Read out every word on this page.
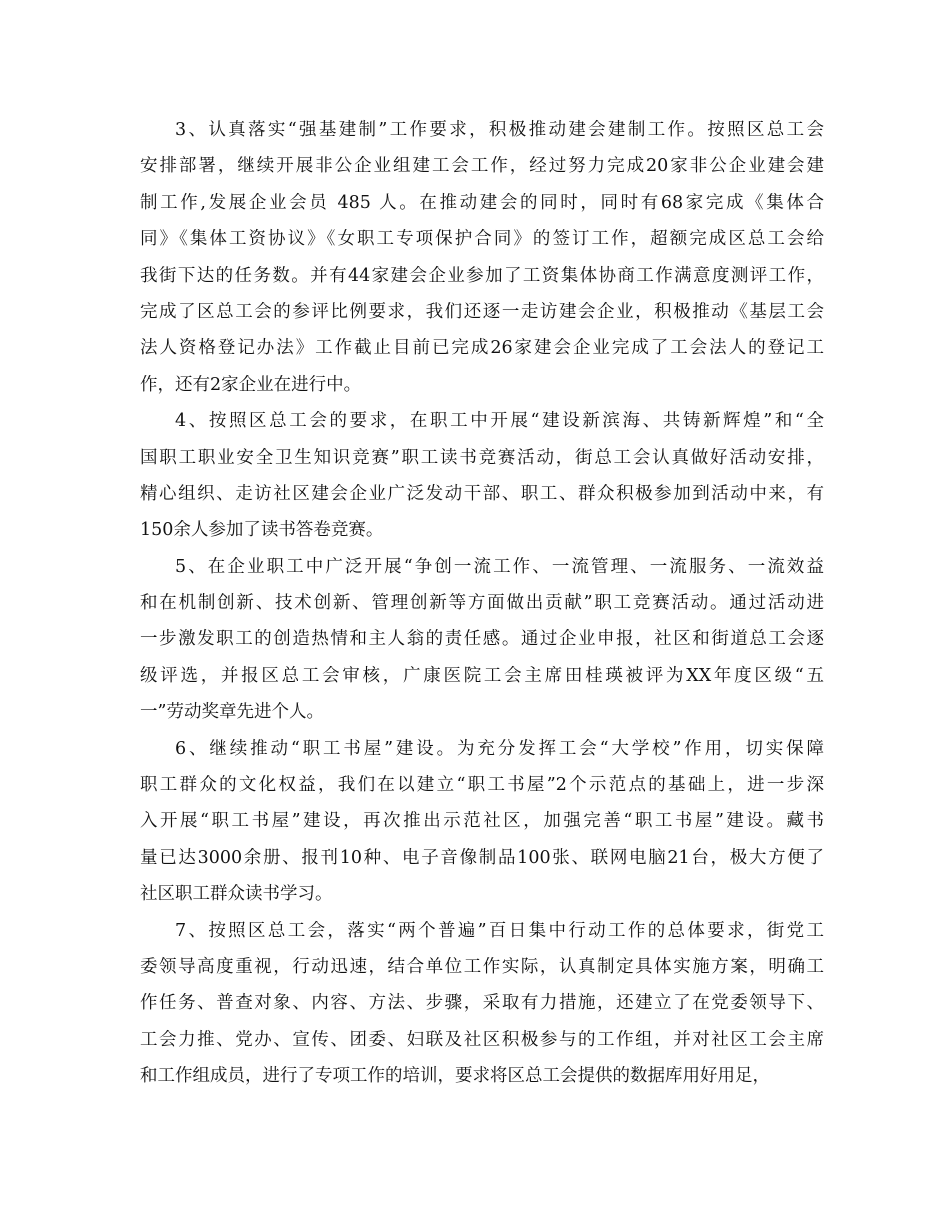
3、认真落实“强基建制”工作要求，积极推动建会建制工作。按照区总工会
安排部署，继续开展非公企业组建工会工作，经过努力完成20家非公企业建会建
制工作,发展企业会员 485 人。在推动建会的同时，同时有68家完成《集体合
同》《集体工资协议》《女职工专项保护合同》的签订工作，超额完成区总工会给
我街下达的任务数。并有44家建会企业参加了工资集体协商工作满意度测评工作，
完成了区总工会的参评比例要求，我们还逐一走访建会企业，积极推动《基层工会
法人资格登记办法》工作截止目前已完成26家建会企业完成了工会法人的登记工
作，还有2家企业在进行中。
4、按照区总工会的要求，在职工中开展“建设新滨海、共铸新辉煌”和“全
国职工职业安全卫生知识竞赛”职工读书竞赛活动，街总工会认真做好活动安排，
精心组织、走访社区建会企业广泛发动干部、职工、群众积极参加到活动中来，有
150余人参加了读书答卷竞赛。
5、在企业职工中广泛开展“争创一流工作、一流管理、一流服务、一流效益
和在机制创新、技术创新、管理创新等方面做出贡献”职工竞赛活动。通过活动进
一步激发职工的创造热情和主人翁的责任感。通过企业申报，社区和街道总工会逐
级评选，并报区总工会审核，广康医院工会主席田桂瑛被评为XX年度区级“五
一”劳动奖章先进个人。
6、继续推动“职工书屋”建设。为充分发挥工会“大学校”作用，切实保障
职工群众的文化权益，我们在以建立“职工书屋”2个示范点的基础上，进一步深
入开展“职工书屋”建设，再次推出示范社区，加强完善“职工书屋”建设。藏书
量已达3000余册、报刊10种、电子音像制品100张、联网电脑21台，极大方便了
社区职工群众读书学习。
7、按照区总工会，落实“两个普遍”百日集中行动工作的总体要求，街党工
委领导高度重视，行动迅速，结合单位工作实际，认真制定具体实施方案，明确工
作任务、普查对象、内容、方法、步骤，采取有力措施，还建立了在党委领导下、
工会力推、党办、宣传、团委、妇联及社区积极参与的工作组，并对社区工会主席
和工作组成员，进行了专项工作的培训，要求将区总工会提供的数据库用好用足，
